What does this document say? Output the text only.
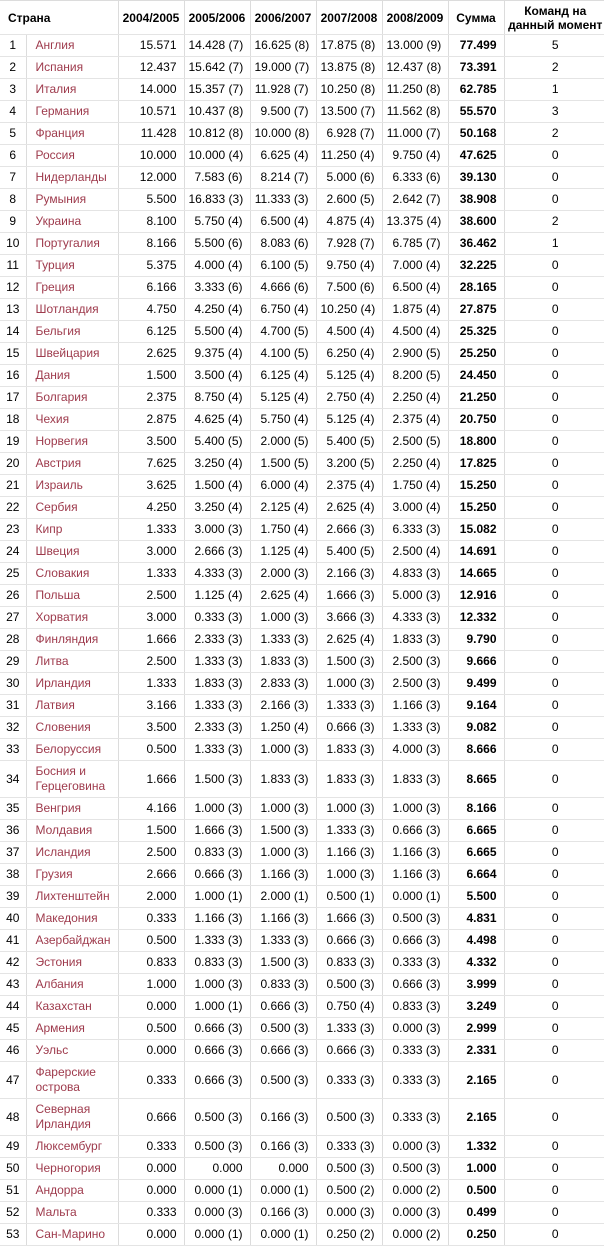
Страна		2004/2005	2005/2006	2006/2007	2007/2008	2008/2009	Сумма	Команд на данный момент
1	Англия	15.571	14.428 (7)	16.625 (8)	17.875 (8)	13.000 (9)	77.499	5
2	Испания	12.437	15.642 (7)	19.000 (7)	13.875 (8)	12.437 (8)	73.391	2
3	Италия	14.000	15.357 (7)	11.928 (7)	10.250 (8)	11.250 (8)	62.785	1
4	Германия	10.571	10.437 (8)	9.500 (7)	13.500 (7)	11.562 (8)	55.570	3
5	Франция	11.428	10.812 (8)	10.000 (8)	6.928 (7)	11.000 (7)	50.168	2
6	Россия	10.000	10.000 (4)	6.625 (4)	11.250 (4)	9.750 (4)	47.625	0
7	Нидерланды	12.000	7.583 (6)	8.214 (7)	5.000 (6)	6.333 (6)	39.130	0
8	Румыния	5.500	16.833 (3)	11.333 (3)	2.600 (5)	2.642 (7)	38.908	0
9	Украина	8.100	5.750 (4)	6.500 (4)	4.875 (4)	13.375 (4)	38.600	2
10	Португалия	8.166	5.500 (6)	8.083 (6)	7.928 (7)	6.785 (7)	36.462	1
11	Турция	5.375	4.000 (4)	6.100 (5)	9.750 (4)	7.000 (4)	32.225	0
12	Греция	6.166	3.333 (6)	4.666 (6)	7.500 (6)	6.500 (4)	28.165	0
13	Шотландия	4.750	4.250 (4)	6.750 (4)	10.250 (4)	1.875 (4)	27.875	0
14	Бельгия	6.125	5.500 (4)	4.700 (5)	4.500 (4)	4.500 (4)	25.325	0
15	Швейцария	2.625	9.375 (4)	4.100 (5)	6.250 (4)	2.900 (5)	25.250	0
16	Дания	1.500	3.500 (4)	6.125 (4)	5.125 (4)	8.200 (5)	24.450	0
17	Болгария	2.375	8.750 (4)	5.125 (4)	2.750 (4)	2.250 (4)	21.250	0
18	Чехия	2.875	4.625 (4)	5.750 (4)	5.125 (4)	2.375 (4)	20.750	0
19	Норвегия	3.500	5.400 (5)	2.000 (5)	5.400 (5)	2.500 (5)	18.800	0
20	Австрия	7.625	3.250 (4)	1.500 (5)	3.200 (5)	2.250 (4)	17.825	0
21	Израиль	3.625	1.500 (4)	6.000 (4)	2.375 (4)	1.750 (4)	15.250	0
22	Сербия	4.250	3.250 (4)	2.125 (4)	2.625 (4)	3.000 (4)	15.250	0
23	Кипр	1.333	3.000 (3)	1.750 (4)	2.666 (3)	6.333 (3)	15.082	0
24	Швеция	3.000	2.666 (3)	1.125 (4)	5.400 (5)	2.500 (4)	14.691	0
25	Словакия	1.333	4.333 (3)	2.000 (3)	2.166 (3)	4.833 (3)	14.665	0
26	Польша	2.500	1.125 (4)	2.625 (4)	1.666 (3)	5.000 (3)	12.916	0
27	Хорватия	3.000	0.333 (3)	1.000 (3)	3.666 (3)	4.333 (3)	12.332	0
28	Финляндия	1.666	2.333 (3)	1.333 (3)	2.625 (4)	1.833 (3)	9.790	0
29	Литва	2.500	1.333 (3)	1.833 (3)	1.500 (3)	2.500 (3)	9.666	0
30	Ирландия	1.333	1.833 (3)	2.833 (3)	1.000 (3)	2.500 (3)	9.499	0
31	Латвия	3.166	1.333 (3)	2.166 (3)	1.333 (3)	1.166 (3)	9.164	0
32	Словения	3.500	2.333 (3)	1.250 (4)	0.666 (3)	1.333 (3)	9.082	0
33	Белоруссия	0.500	1.333 (3)	1.000 (3)	1.833 (3)	4.000 (3)	8.666	0
34	Босния и Герцеговина	1.666	1.500 (3)	1.833 (3)	1.833 (3)	1.833 (3)	8.665	0
35	Венгрия	4.166	1.000 (3)	1.000 (3)	1.000 (3)	1.000 (3)	8.166	0
36	Молдавия	1.500	1.666 (3)	1.500 (3)	1.333 (3)	0.666 (3)	6.665	0
37	Исландия	2.500	0.833 (3)	1.000 (3)	1.166 (3)	1.166 (3)	6.665	0
38	Грузия	2.666	0.666 (3)	1.166 (3)	1.000 (3)	1.166 (3)	6.664	0
39	Лихтенштейн	2.000	1.000 (1)	2.000 (1)	0.500 (1)	0.000 (1)	5.500	0
40	Македония	0.333	1.166 (3)	1.166 (3)	1.666 (3)	0.500 (3)	4.831	0
41	Азербайджан	0.500	1.333 (3)	1.333 (3)	0.666 (3)	0.666 (3)	4.498	0
42	Эстония	0.833	0.833 (3)	1.500 (3)	0.833 (3)	0.333 (3)	4.332	0
43	Албания	1.000	1.000 (3)	0.833 (3)	0.500 (3)	0.666 (3)	3.999	0
44	Казахстан	0.000	1.000 (1)	0.666 (3)	0.750 (4)	0.833 (3)	3.249	0
45	Армения	0.500	0.666 (3)	0.500 (3)	1.333 (3)	0.000 (3)	2.999	0
46	Уэльс	0.000	0.666 (3)	0.666 (3)	0.666 (3)	0.333 (3)	2.331	0
47	Фарерские острова	0.333	0.666 (3)	0.500 (3)	0.333 (3)	0.333 (3)	2.165	0
48	Северная Ирландия	0.666	0.500 (3)	0.166 (3)	0.500 (3)	0.333 (3)	2.165	0
49	Люксембург	0.333	0.500 (3)	0.166 (3)	0.333 (3)	0.000 (3)	1.332	0
50	Черногория	0.000	0.000	0.000	0.500 (3)	0.500 (3)	1.000	0
51	Андорра	0.000	0.000 (1)	0.000 (1)	0.500 (2)	0.000 (2)	0.500	0
52	Мальта	0.333	0.000 (3)	0.166 (3)	0.000 (3)	0.000 (3)	0.499	0
53	Сан-Марино	0.000	0.000 (1)	0.000 (1)	0.250 (2)	0.000 (2)	0.250	0
